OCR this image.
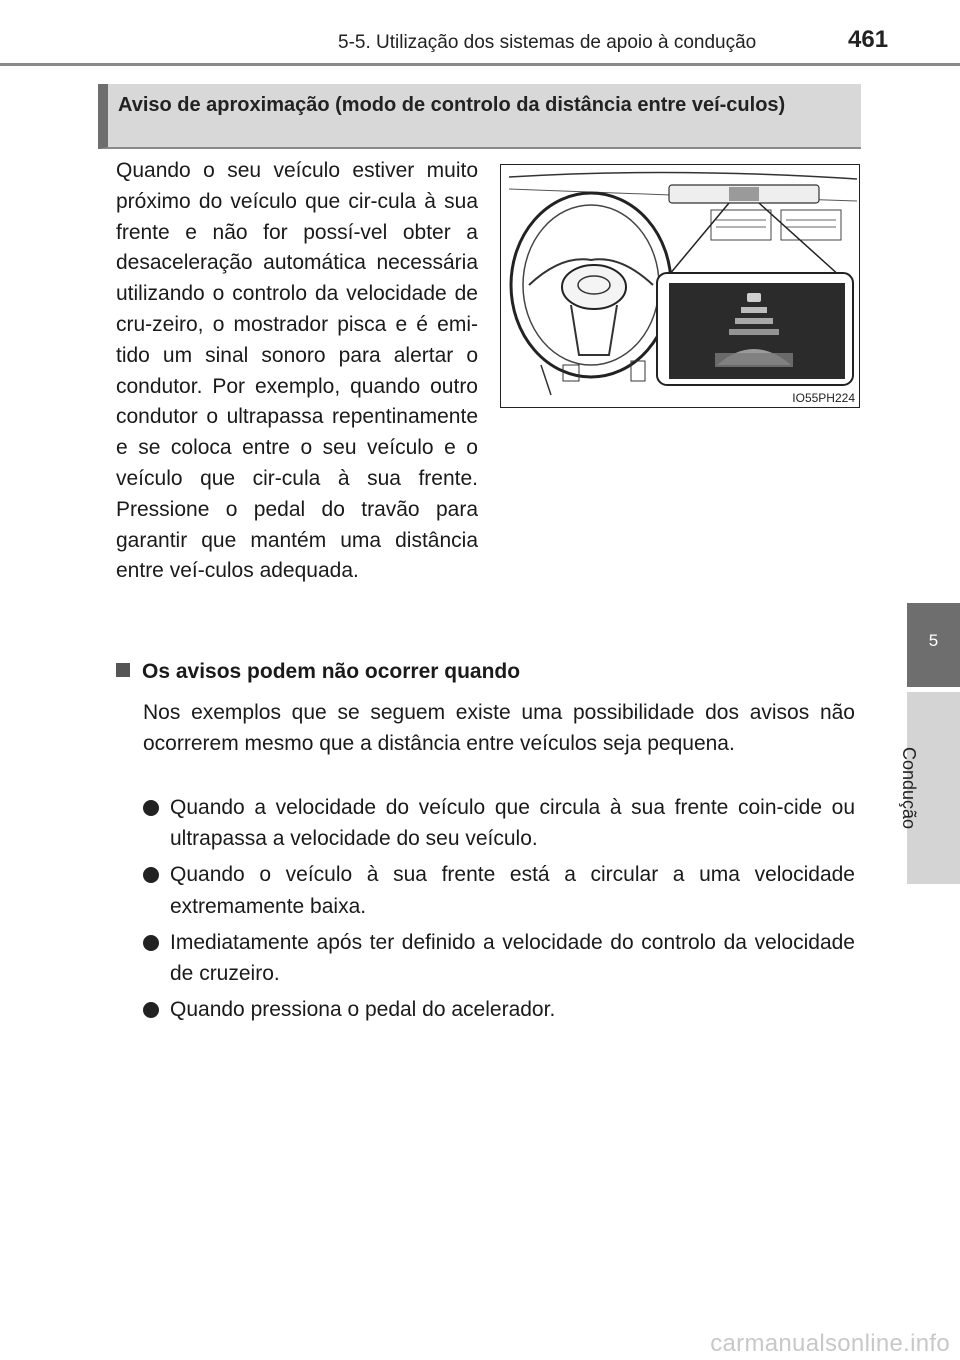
5-5. Utilização dos sistemas de apoio à condução	461
5
Condução
Aviso de aproximação (modo de controlo da distância entre veí-culos)
Quando o seu veículo estiver muito próximo do veículo que cir-cula à sua frente e não for possí-vel obter a desaceleração automática necessária utilizando o controlo da velocidade de cru-zeiro, o mostrador pisca e é emi-tido um sinal sonoro para alertar o condutor. Por exemplo, quando outro condutor o ultrapassa repentinamente e se coloca entre o seu veículo e o veículo que cir-cula à sua frente. Pressione o pedal do travão para garantir que mantém uma distância entre veí-culos adequada.
IO55PH224
Os avisos podem não ocorrer quando
Nos exemplos que se seguem existe uma possibilidade dos avisos não ocorrerem mesmo que a distância entre veículos seja pequena.
Quando a velocidade do veículo que circula à sua frente coin-cide ou ultrapassa a velocidade do seu veículo.
Quando o veículo à sua frente está a circular a uma velocidade extremamente baixa.
Imediatamente após ter definido a velocidade do controlo da velocidade de cruzeiro.
Quando pressiona o pedal do acelerador.
carmanualsonline.info
